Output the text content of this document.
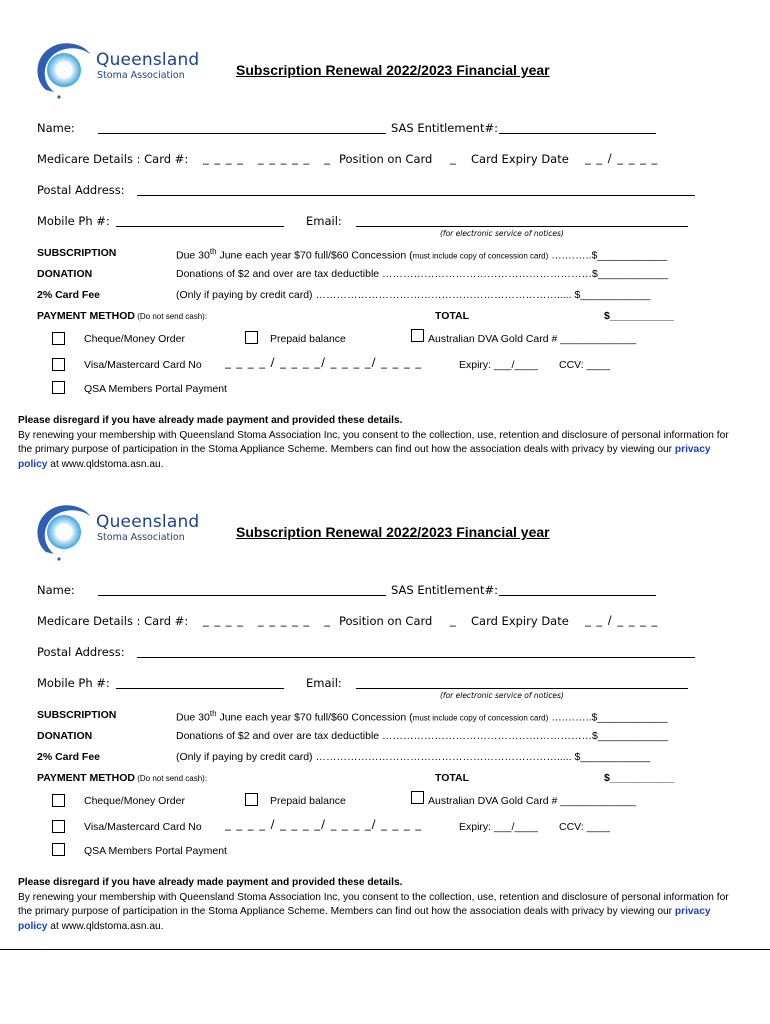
Queensland
Stoma Association	Subscription Renewal 2022/2023 Financial year
Name:	SAS Entitlement#:
Medicare Details : Card #: _ _ _ _   _ _ _ _ _   _ Position on Card _ Card Expiry Date _ _ / _ _ _ _
Postal Address:
Mobile Ph #:	Email:
(for electronic service of notices)
SUBSCRIPTION	Due 30th June each year $70 full/$60 Concession (must include copy of concession card) ….……..$____________
DONATION	Donations of $2 and over are tax deductible ……………………………………………………$____________
2% Card Fee	(Only if paying by credit card) ……………………………………………………………..... $____________
PAYMENT METHOD (Do not send cash):	TOTAL	$___________
Cheque/Money Order	Prepaid balance	Australian DVA Gold Card # _____________
Visa/Mastercard Card No _ _ _ _ / _ _ _ _/ _ _ _ _/ _ _ _ _	Expiry: ___/____ CCV: ____
QSA Members Portal Payment
Please disregard if you have already made payment and provided these details.
By renewing your membership with Queensland Stoma Association Inc, you consent to the collection, use, retention and disclosure of personal information for the primary purpose of participation in the Stoma Appliance Scheme. Members can find out how the association deals with privacy by viewing our privacy policy at www.qldstoma.asn.au.
Queensland
Stoma Association	Subscription Renewal 2022/2023 Financial year
Name:	SAS Entitlement#:
Medicare Details : Card #: _ _ _ _   _ _ _ _ _   _ Position on Card _ Card Expiry Date _ _ / _ _ _ _
Postal Address:
Mobile Ph #:	Email:
(for electronic service of notices)
SUBSCRIPTION	Due 30th June each year $70 full/$60 Concession (must include copy of concession card) ….……..$____________
DONATION	Donations of $2 and over are tax deductible ……………………………………………………$____________
2% Card Fee	(Only if paying by credit card) ……………………………………………………………..... $____________
PAYMENT METHOD (Do not send cash):	TOTAL	$___________
Cheque/Money Order	Prepaid balance	Australian DVA Gold Card # _____________
Visa/Mastercard Card No _ _ _ _ / _ _ _ _/ _ _ _ _/ _ _ _ _	Expiry: ___/____ CCV: ____
QSA Members Portal Payment
Please disregard if you have already made payment and provided these details.
By renewing your membership with Queensland Stoma Association Inc, you consent to the collection, use, retention and disclosure of personal information for the primary purpose of participation in the Stoma Appliance Scheme. Members can find out how the association deals with privacy by viewing our privacy policy at www.qldstoma.asn.au.
